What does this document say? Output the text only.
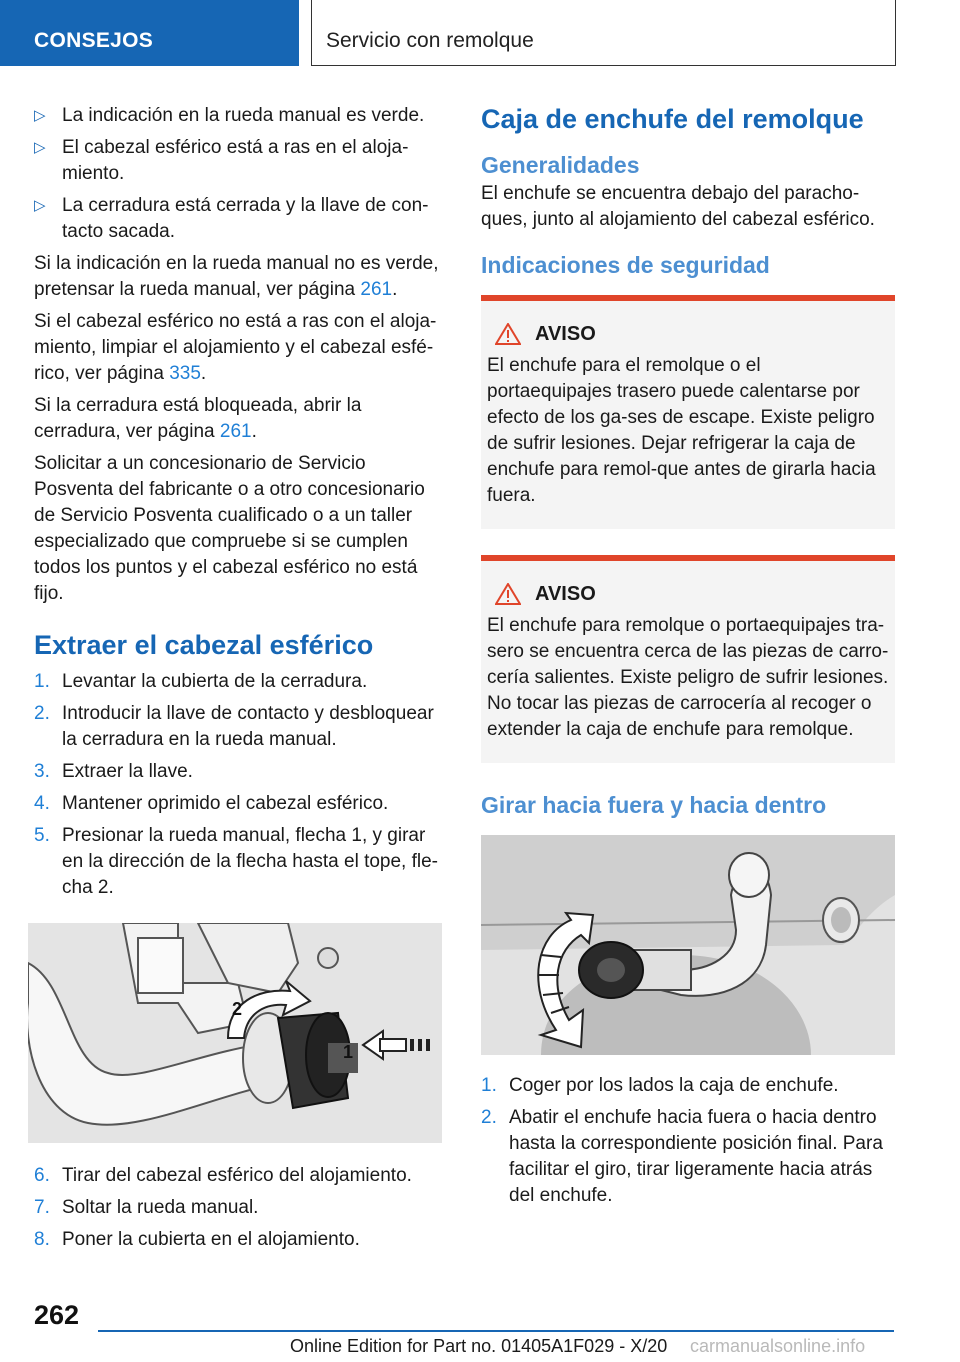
CONSEJOS	Servicio con remolque
▷ La indicación en la rueda manual es verde.
▷ El cabezal esférico está a ras en el aloja-miento.
▷ La cerradura está cerrada y la llave de con-tacto sacada.

Si la indicación en la rueda manual no es verde, pretensar la rueda manual, ver página 261.

Si el cabezal esférico no está a ras con el aloja-miento, limpiar el alojamiento y el cabezal esfé-rico, ver página 335.

Si la cerradura está bloqueada, abrir la cerradura, ver página 261.

Solicitar a un concesionario de Servicio Posventa del fabricante o a otro concesionario de Servicio Posventa cualificado o a un taller especializado que compruebe si se cumplen todos los puntos y el cabezal esférico no está fijo.

Extraer el cabezal esférico
1. Levantar la cubierta de la cerradura.
2. Introducir la llave de contacto y desbloquear la cerradura en la rueda manual.
3. Extraer la llave.
4. Mantener oprimido el cabezal esférico.
5. Presionar la rueda manual, flecha 1, y girar en la dirección de la flecha hasta el tope, fle-cha 2.
2
1
6. Tirar del cabezal esférico del alojamiento.
7. Soltar la rueda manual.
8. Poner la cubierta en el alojamiento.
Caja de enchufe del remolque
Generalidades

El enchufe se encuentra debajo del paracho-ques, junto al alojamiento del cabezal esférico.

Indicaciones de seguridad
AVISO

El enchufe para el remolque o el portaequipajes trasero puede calentarse por efecto de los ga-ses de escape. Existe peligro de sufrir lesiones. Dejar refrigerar la caja de enchufe para remol-que antes de girarla hacia fuera.

AVISO

El enchufe para remolque o portaequipajes tra-sero se encuentra cerca de las piezas de carro-cería salientes. Existe peligro de sufrir lesiones. No tocar las piezas de carrocería al recoger o extender la caja de enchufe para remolque.

Girar hacia fuera y hacia dentro
1. Coger por los lados la caja de enchufe.
2. Abatir el enchufe hacia fuera o hacia dentro hasta la correspondiente posición final. Para facilitar el giro, tirar ligeramente hacia atrás del enchufe.
262
Online Edition for Part no. 01405A1F029 - X/20 carmanualsonline.info
